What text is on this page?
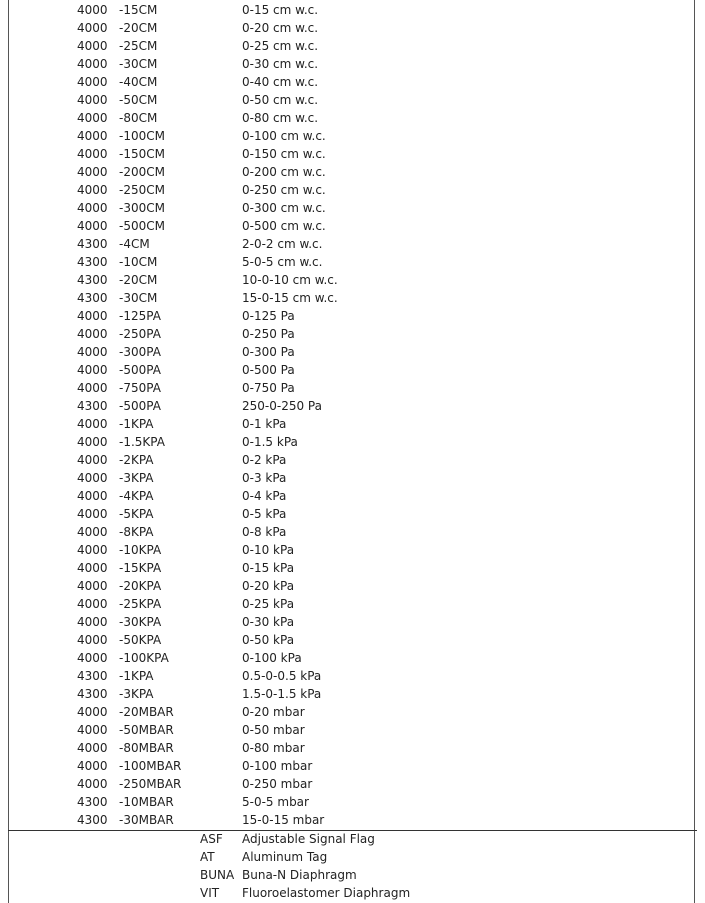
4000 -15CM	0-15 cm w.c.
4000 -20CM	0-20 cm w.c.
4000 -25CM	0-25 cm w.c.
4000 -30CM	0-30 cm w.c.
4000 -40CM	0-40 cm w.c.
4000 -50CM	0-50 cm w.c.
4000 -80CM	0-80 cm w.c.
4000 -100CM	0-100 cm w.c.
4000 -150CM	0-150 cm w.c.
4000 -200CM	0-200 cm w.c.
4000 -250CM	0-250 cm w.c.
4000 -300CM	0-300 cm w.c.
4000 -500CM	0-500 cm w.c.
4300 -4CM	2-0-2 cm w.c.
4300 -10CM	5-0-5 cm w.c.
4300 -20CM	10-0-10 cm w.c.
4300 -30CM	15-0-15 cm w.c.
4000 -125PA	0-125 Pa
4000 -250PA	0-250 Pa
4000 -300PA	0-300 Pa
4000 -500PA	0-500 Pa
4000 -750PA	0-750 Pa
4300 -500PA	250-0-250 Pa
4000 -1KPA	0-1 kPa
4000 -1.5KPA	0-1.5 kPa
4000 -2KPA	0-2 kPa
4000 -3KPA	0-3 kPa
4000 -4KPA	0-4 kPa
4000 -5KPA	0-5 kPa
4000 -8KPA	0-8 kPa
4000 -10KPA	0-10 kPa
4000 -15KPA	0-15 kPa
4000 -20KPA	0-20 kPa
4000 -25KPA	0-25 kPa
4000 -30KPA	0-30 kPa
4000 -50KPA	0-50 kPa
4000 -100KPA	0-100 kPa
4300 -1KPA	0.5-0-0.5 kPa
4300 -3KPA	1.5-0-1.5 kPa
4000 -20MBAR	0-20 mbar
4000 -50MBAR	0-50 mbar
4000 -80MBAR	0-80 mbar
4000 -100MBAR	0-100 mbar
4000 -250MBAR	0-250 mbar
4300 -10MBAR	5-0-5 mbar
4300 -30MBAR	15-0-15 mbar
ASF Adjustable Signal Flag
AT Aluminum Tag
BUNA Buna-N Diaphragm
VIT Fluoroelastomer Diaphragm
